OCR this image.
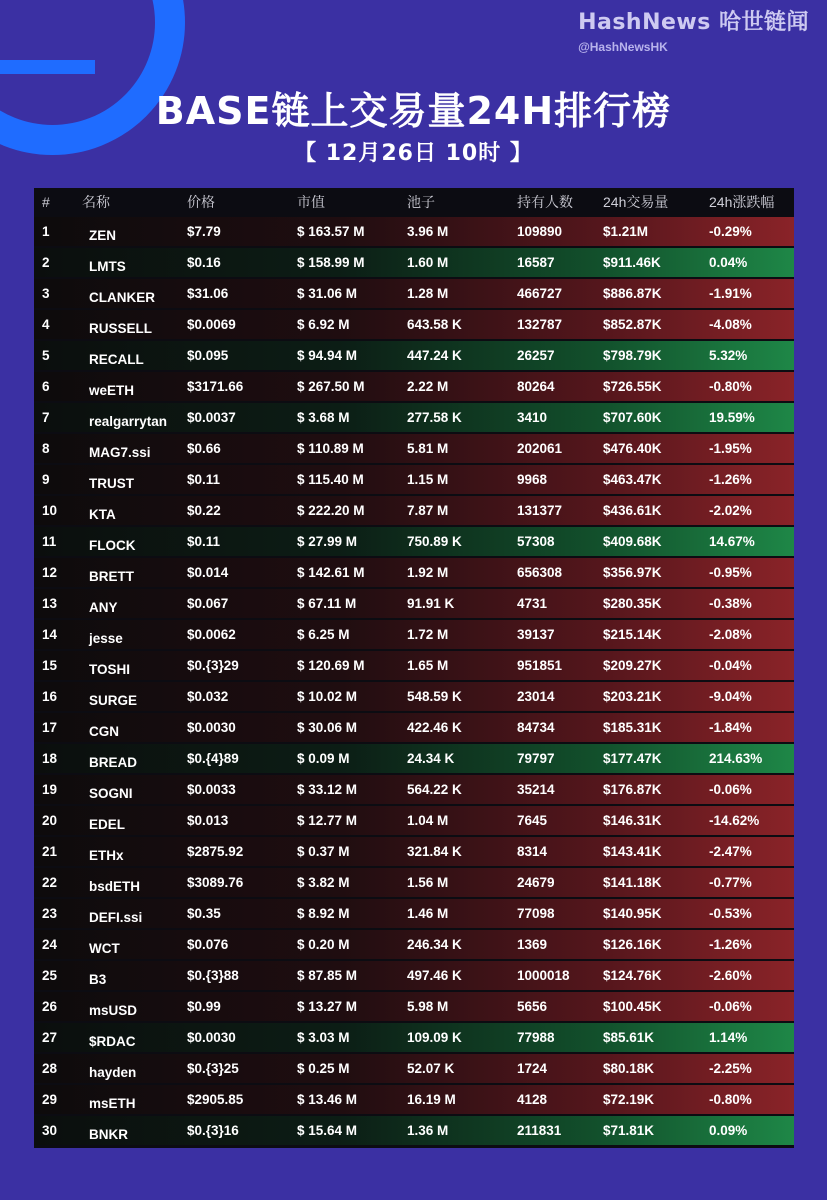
HashNews 哈世链闻
@HashNewsHK
BASE链上交易量24H排行榜
【 12月26日 10时 】
#	名称	价格	市值	池子	持有人数	24h交易量	24h涨跌幅
1	ZEN	$7.79	$ 163.57 M	3.96 M	109890	$1.21M	-0.29%
2	LMTS	$0.16	$ 158.99 M	1.60 M	16587	$911.46K	0.04%
3	CLANKER	$31.06	$ 31.06 M	1.28 M	466727	$886.87K	-1.91%
4	RUSSELL	$0.0069	$ 6.92 M	643.58 K	132787	$852.87K	-4.08%
5	RECALL	$0.095	$ 94.94 M	447.24 K	26257	$798.79K	5.32%
6	weETH	$3171.66	$ 267.50 M	2.22 M	80264	$726.55K	-0.80%
7	realgarrytan	$0.0037	$ 3.68 M	277.58 K	3410	$707.60K	19.59%
8	MAG7.ssi	$0.66	$ 110.89 M	5.81 M	202061	$476.40K	-1.95%
9	TRUST	$0.11	$ 115.40 M	1.15 M	9968	$463.47K	-1.26%
10	KTA	$0.22	$ 222.20 M	7.87 M	131377	$436.61K	-2.02%
11	FLOCK	$0.11	$ 27.99 M	750.89 K	57308	$409.68K	14.67%
12	BRETT	$0.014	$ 142.61 M	1.92 M	656308	$356.97K	-0.95%
13	ANY	$0.067	$ 67.11 M	91.91 K	4731	$280.35K	-0.38%
14	jesse	$0.0062	$ 6.25 M	1.72 M	39137	$215.14K	-2.08%
15	TOSHI	$0.{3}29	$ 120.69 M	1.65 M	951851	$209.27K	-0.04%
16	SURGE	$0.032	$ 10.02 M	548.59 K	23014	$203.21K	-9.04%
17	CGN	$0.0030	$ 30.06 M	422.46 K	84734	$185.31K	-1.84%
18	BREAD	$0.{4}89	$ 0.09 M	24.34 K	79797	$177.47K	214.63%
19	SOGNI	$0.0033	$ 33.12 M	564.22 K	35214	$176.87K	-0.06%
20	EDEL	$0.013	$ 12.77 M	1.04 M	7645	$146.31K	-14.62%
21	ETHx	$2875.92	$ 0.37 M	321.84 K	8314	$143.41K	-2.47%
22	bsdETH	$3089.76	$ 3.82 M	1.56 M	24679	$141.18K	-0.77%
23	DEFI.ssi	$0.35	$ 8.92 M	1.46 M	77098	$140.95K	-0.53%
24	WCT	$0.076	$ 0.20 M	246.34 K	1369	$126.16K	-1.26%
25	B3	$0.{3}88	$ 87.85 M	497.46 K	1000018	$124.76K	-2.60%
26	msUSD	$0.99	$ 13.27 M	5.98 M	5656	$100.45K	-0.06%
27	$RDAC	$0.0030	$ 3.03 M	109.09 K	77988	$85.61K	1.14%
28	hayden	$0.{3}25	$ 0.25 M	52.07 K	1724	$80.18K	-2.25%
29	msETH	$2905.85	$ 13.46 M	16.19 M	4128	$72.19K	-0.80%
30	BNKR	$0.{3}16	$ 15.64 M	1.36 M	211831	$71.81K	0.09%
